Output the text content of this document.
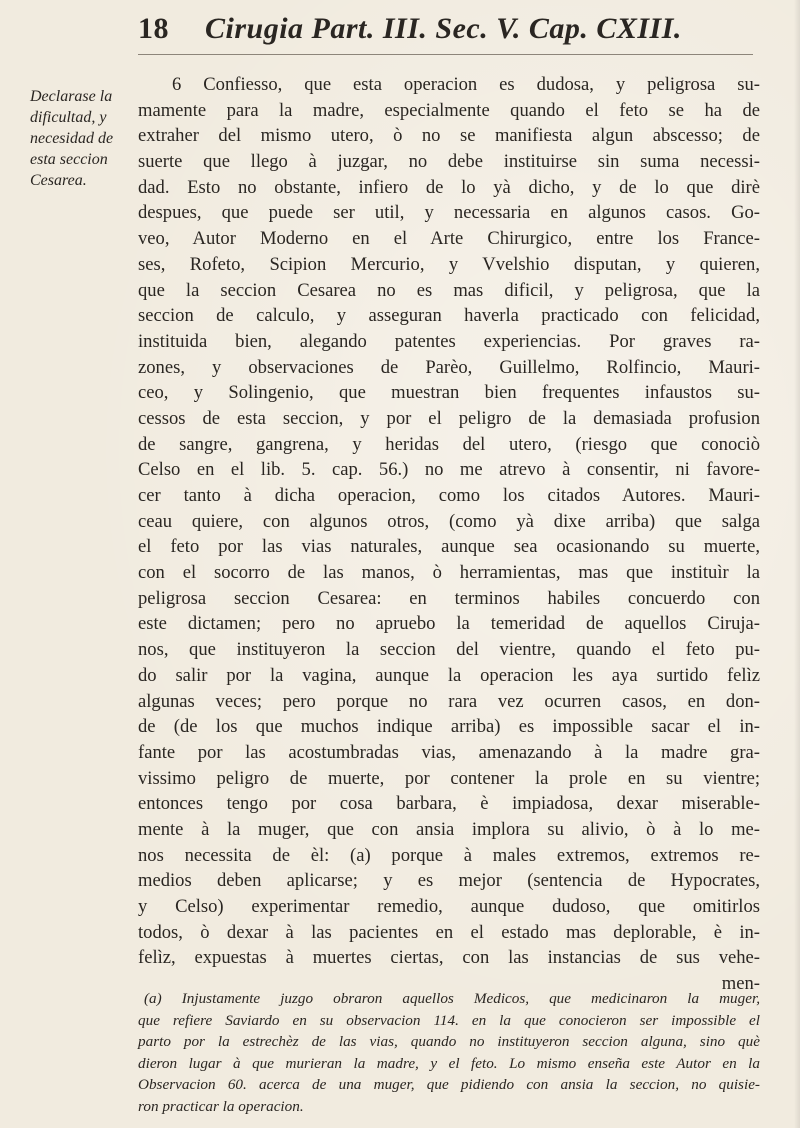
18 Cirugia Part. III. Sec. V. Cap. CXIII.
Declarase la
dificultad, y
necesidad de
esta seccion
Cesarea.
6 Confiesso, que esta operacion es dudosa, y peligrosa su-
mamente para la madre, especialmente quando el feto se ha de
extraher del mismo utero, ò no se manifiesta algun abscesso; de
suerte que llego à juzgar, no debe instituirse sin suma necessi-
dad. Esto no obstante, infiero de lo yà dicho, y de lo que dirè
despues, que puede ser util, y necessaria en algunos casos. Go-
veo, Autor Moderno en el Arte Chirurgico, entre los France-
ses, Rofeto, Scipion Mercurio, y Vvelshio disputan, y quieren,
que la seccion Cesarea no es mas dificil, y peligrosa, que la
seccion de calculo, y asseguran haverla practicado con felicidad,
instituida bien, alegando patentes experiencias. Por graves ra-
zones, y observaciones de Parèo, Guillelmo, Rolfincio, Mauri-
ceo, y Solingenio, que muestran bien frequentes infaustos su-
cessos de esta seccion, y por el peligro de la demasiada profusion
de sangre, gangrena, y heridas del utero, (riesgo que conociò
Celso en el lib. 5. cap. 56.) no me atrevo à consentir, ni favore-
cer tanto à dicha operacion, como los citados Autores. Mauri-
ceau quiere, con algunos otros, (como yà dixe arriba) que salga
el feto por las vias naturales, aunque sea ocasionando su muerte,
con el socorro de las manos, ò herramientas, mas que instituìr la
peligrosa seccion Cesarea: en terminos habiles concuerdo con
este dictamen; pero no apruebo la temeridad de aquellos Ciruja-
nos, que instituyeron la seccion del vientre, quando el feto pu-
do salir por la vagina, aunque la operacion les aya surtido felìz
algunas veces; pero porque no rara vez ocurren casos, en don-
de (de los que muchos indique arriba) es impossible sacar el in-
fante por las acostumbradas vias, amenazando à la madre gra-
vissimo peligro de muerte, por contener la prole en su vientre;
entonces tengo por cosa barbara, è impiadosa, dexar miserable-
mente à la muger, que con ansia implora su alivio, ò à lo me-
nos necessita de èl: (a) porque à males extremos, extremos re-
medios deben aplicarse; y es mejor (sentencia de Hypocrates,
y Celso) experimentar remedio, aunque dudoso, que omitirlos
todos, ò dexar à las pacientes en el estado mas deplorable, è in-
felìz, expuestas à muertes ciertas, con las instancias de sus vehe-
men-
(a) Injustamente juzgo obraron aquellos Medicos, que medicinaron la muger,
que refiere Saviardo en su observacion 114. en la que conocieron ser impossible el
parto por la estrechèz de las vias, quando no instituyeron seccion alguna, sino què
dieron lugar à que murieran la madre, y el feto. Lo mismo enseña este Autor en la
Observacion 60. acerca de una muger, que pidiendo con ansia la seccion, no quisie-
ron practicar la operacion.
